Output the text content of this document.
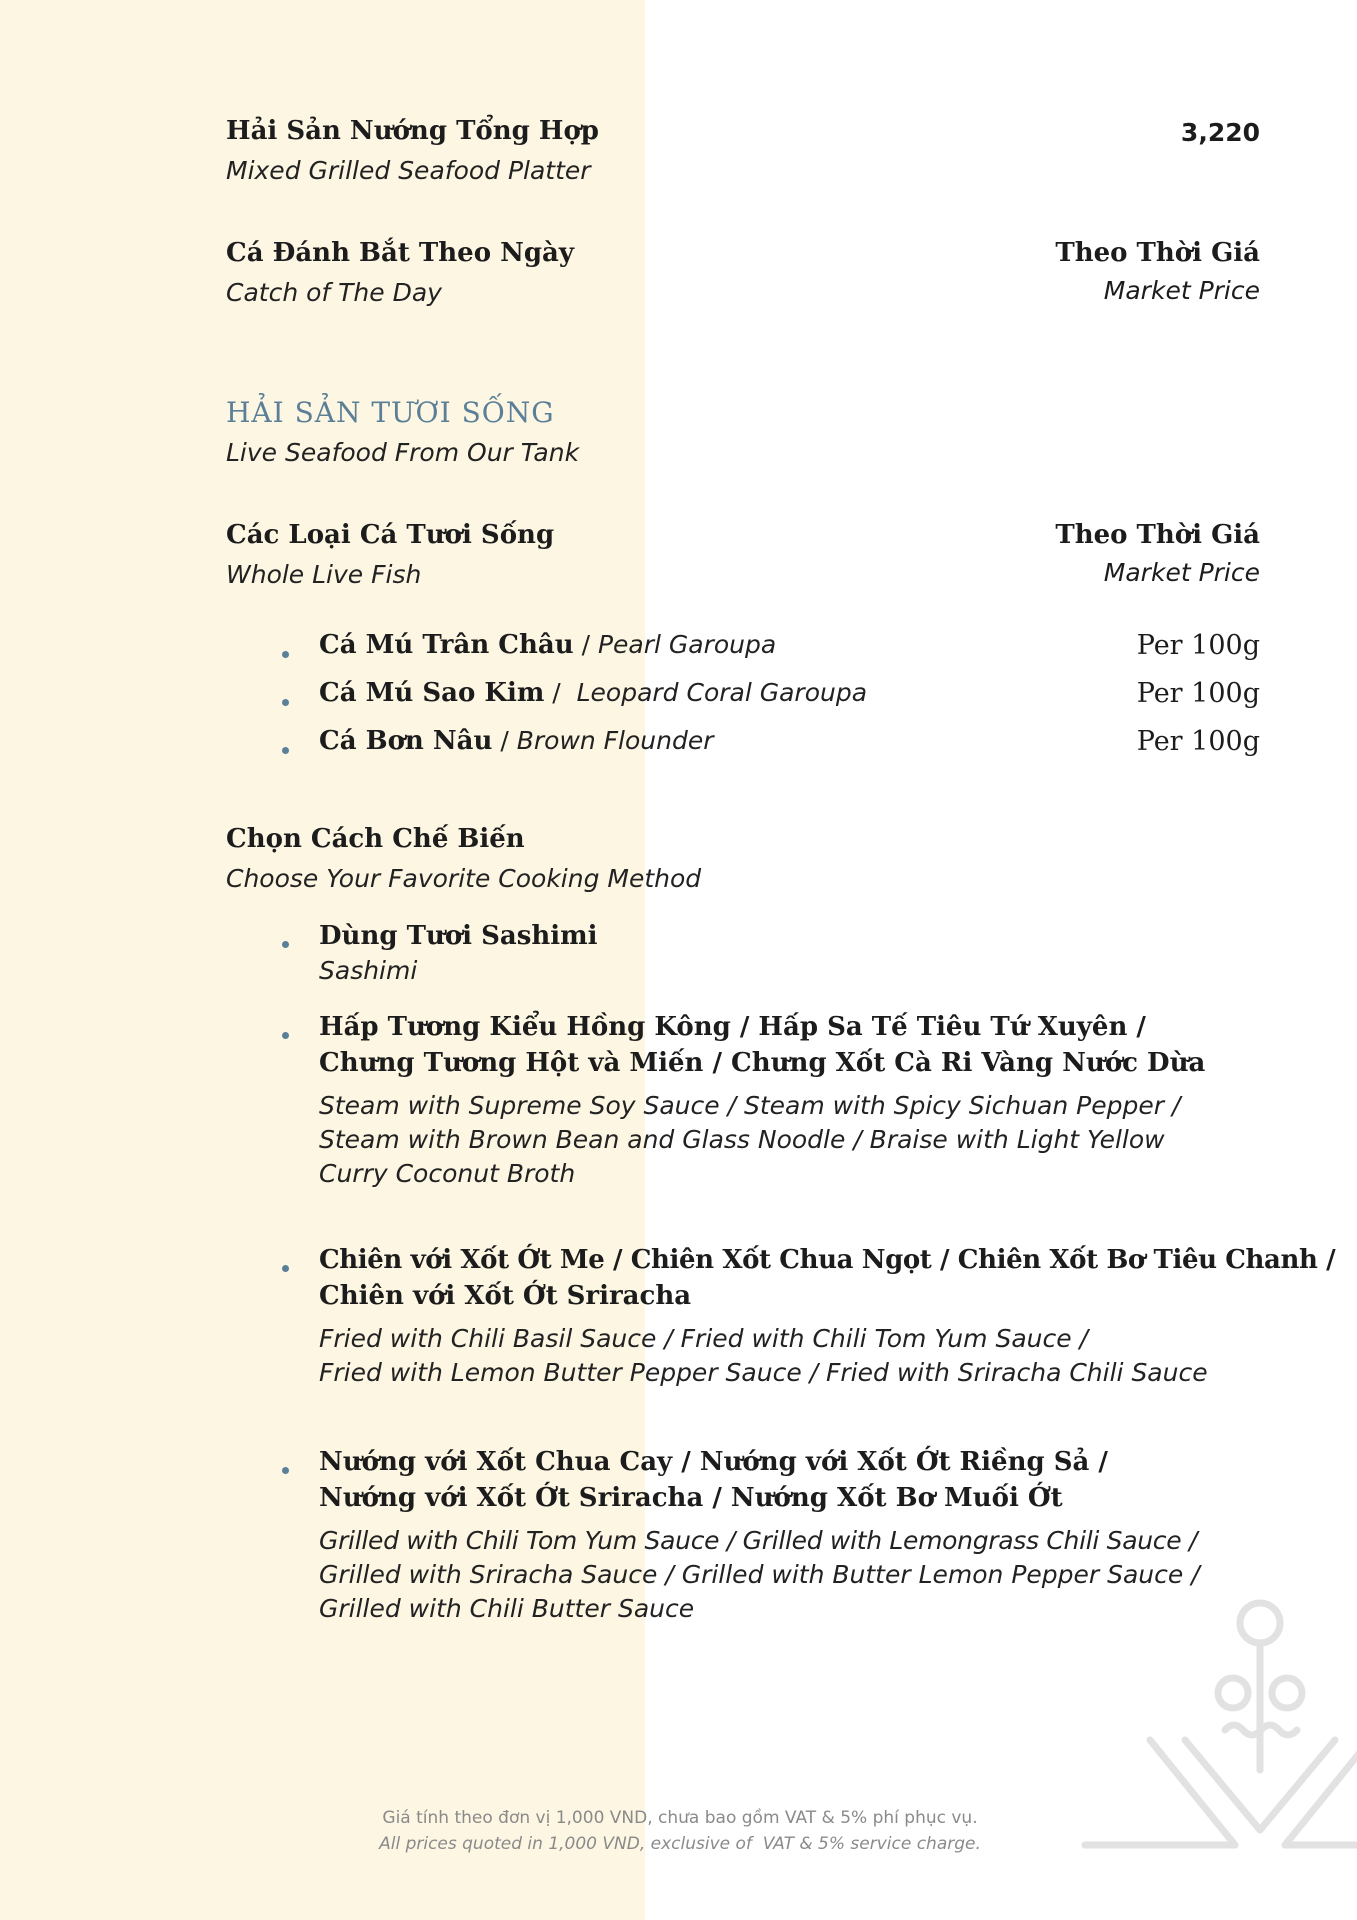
Hải Sản Nướng Tổng Hợp
Mixed Grilled Seafood Platter
3,220
Cá Đánh Bắt Theo Ngày
Catch of The Day
Theo Thời Giá
Market Price
HẢI SẢN TƯƠI SỐNG
Live Seafood From Our Tank
Các Loại Cá Tươi Sống
Whole Live Fish
Theo Thời Giá
Market Price
Cá Mú Trân Châu / Pearl Garoupa	Per 100g
Cá Mú Sao Kim /  Leopard Coral Garoupa	Per 100g
Cá Bơn Nâu / Brown Flounder	Per 100g
Chọn Cách Chế Biến
Choose Your Favorite Cooking Method
Dùng Tươi Sashimi
Sashimi
Hấp Tương Kiểu Hồng Kông / Hấp Sa Tế Tiêu Tứ Xuyên /
Chưng Tương Hột và Miến / Chưng Xốt Cà Ri Vàng Nước Dừa
Steam with Supreme Soy Sauce / Steam with Spicy Sichuan Pepper /
Steam with Brown Bean and Glass Noodle / Braise with Light Yellow
Curry Coconut Broth
Chiên với Xốt Ớt Me / Chiên Xốt Chua Ngọt / Chiên Xốt Bơ Tiêu Chanh /
Chiên với Xốt Ớt Sriracha
Fried with Chili Basil Sauce / Fried with Chili Tom Yum Sauce /
Fried with Lemon Butter Pepper Sauce / Fried with Sriracha Chili Sauce
Nướng với Xốt Chua Cay / Nướng với Xốt Ớt Riềng Sả /
Nướng với Xốt Ớt Sriracha / Nướng Xốt Bơ Muối Ớt
Grilled with Chili Tom Yum Sauce / Grilled with Lemongrass Chili Sauce /
Grilled with Sriracha Sauce / Grilled with Butter Lemon Pepper Sauce /
Grilled with Chili Butter Sauce
Giá tính theo đơn vị 1,000 VND, chưa bao gồm VAT & 5% phí phục vụ.
All prices quoted in 1,000 VND, exclusive of  VAT & 5% service charge.
